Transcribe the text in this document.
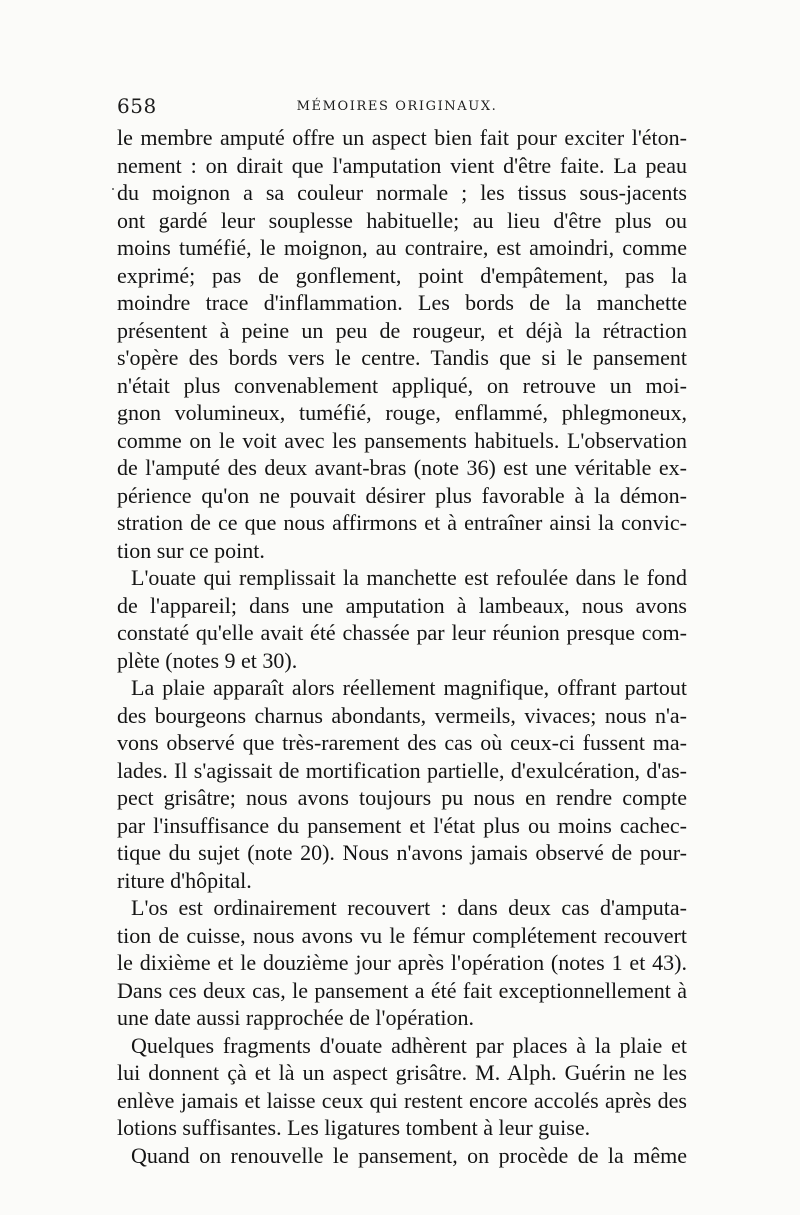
658	MÉMOIRES ORIGINAUX.
le membre amputé offre un aspect bien fait pour exciter l'éton-
nement : on dirait que l'amputation vient d'être faite. La peau
du moignon a sa couleur normale ; les tissus sous-jacents
ont gardé leur souplesse habituelle; au lieu d'être plus ou
moins tuméfié, le moignon, au contraire, est amoindri, comme
exprimé; pas de gonflement, point d'empâtement, pas la
moindre trace d'inflammation. Les bords de la manchette
présentent à peine un peu de rougeur, et déjà la rétraction
s'opère des bords vers le centre. Tandis que si le pansement
n'était plus convenablement appliqué, on retrouve un moi-
gnon volumineux, tuméfié, rouge, enflammé, phlegmoneux,
comme on le voit avec les pansements habituels. L'observation
de l'amputé des deux avant-bras (note 36) est une véritable ex-
périence qu'on ne pouvait désirer plus favorable à la démon-
stration de ce que nous affirmons et à entraîner ainsi la convic-
tion sur ce point.
L'ouate qui remplissait la manchette est refoulée dans le fond
de l'appareil; dans une amputation à lambeaux, nous avons
constaté qu'elle avait été chassée par leur réunion presque com-
plète (notes 9 et 30).
La plaie apparaît alors réellement magnifique, offrant partout
des bourgeons charnus abondants, vermeils, vivaces; nous n'a-
vons observé que très-rarement des cas où ceux-ci fussent ma-
lades. Il s'agissait de mortification partielle, d'exulcération, d'as-
pect grisâtre; nous avons toujours pu nous en rendre compte
par l'insuffisance du pansement et l'état plus ou moins cachec-
tique du sujet (note 20). Nous n'avons jamais observé de pour-
riture d'hôpital.
L'os est ordinairement recouvert : dans deux cas d'amputa-
tion de cuisse, nous avons vu le fémur complétement recouvert
le dixième et le douzième jour après l'opération (notes 1 et 43).
Dans ces deux cas, le pansement a été fait exceptionnellement à
une date aussi rapprochée de l'opération.
Quelques fragments d'ouate adhèrent par places à la plaie et
lui donnent çà et là un aspect grisâtre. M. Alph. Guérin ne les
enlève jamais et laisse ceux qui restent encore accolés après des
lotions suffisantes. Les ligatures tombent à leur guise.
Quand on renouvelle le pansement, on procède de la même
